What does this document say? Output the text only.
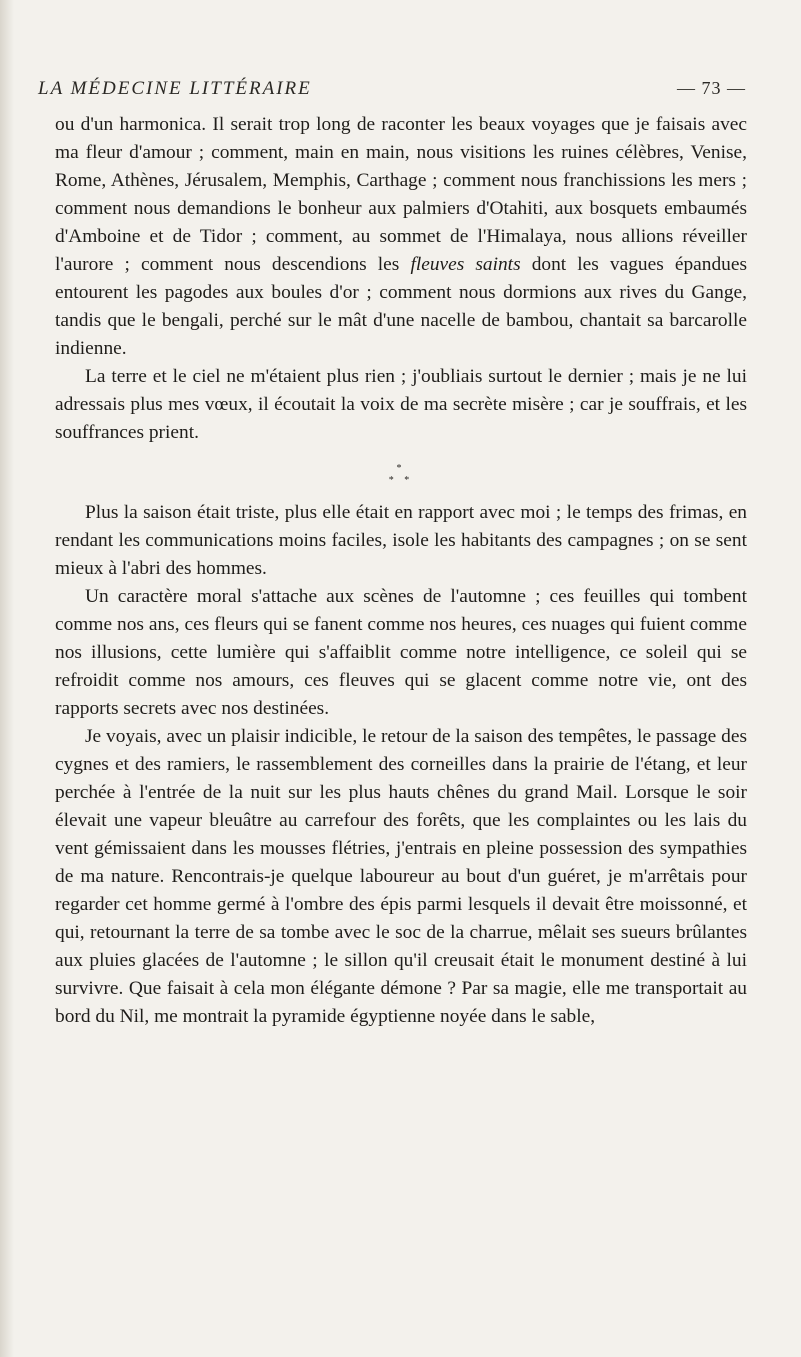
LA MÉDECINE LITTÉRAIRE	— 73 —

ou d'un harmonica. Il serait trop long de raconter les beaux voyages que je faisais avec ma fleur d'amour ; comment, main en main, nous visitions les ruines célèbres, Venise, Rome, Athènes, Jérusalem, Memphis, Carthage ; comment nous franchissions les mers ; comment nous demandions le bonheur aux palmiers d'Otahiti, aux bosquets embaumés d'Amboine et de Tidor ; comment, au sommet de l'Himalaya, nous allions réveiller l'aurore ; comment nous descendions les fleuves saints dont les vagues épandues entourent les pagodes aux boules d'or ; comment nous dormions aux rives du Gange, tandis que le bengali, perché sur le mât d'une nacelle de bambou, chantait sa barcarolle indienne.

La terre et le ciel ne m'étaient plus rien ; j'oubliais surtout le dernier ; mais je ne lui adressais plus mes vœux, il écoutait la voix de ma secrète misère ; car je souffrais, et les souffrances prient.

*
* *

Plus la saison était triste, plus elle était en rapport avec moi ; le temps des frimas, en rendant les communications moins faciles, isole les habitants des campagnes ; on se sent mieux à l'abri des hommes.

Un caractère moral s'attache aux scènes de l'automne ; ces feuilles qui tombent comme nos ans, ces fleurs qui se fanent comme nos heures, ces nuages qui fuient comme nos illusions, cette lumière qui s'affaiblit comme notre intelligence, ce soleil qui se refroidit comme nos amours, ces fleuves qui se glacent comme notre vie, ont des rapports secrets avec nos destinées.

Je voyais, avec un plaisir indicible, le retour de la saison des tempêtes, le passage des cygnes et des ramiers, le rassemblement des corneilles dans la prairie de l'étang, et leur perchée à l'entrée de la nuit sur les plus hauts chênes du grand Mail. Lorsque le soir élevait une vapeur bleuâtre au carrefour des forêts, que les complaintes ou les lais du vent gémissaient dans les mousses flétries, j'entrais en pleine possession des sympathies de ma nature. Rencontrais-je quelque laboureur au bout d'un guéret, je m'arrêtais pour regarder cet homme germé à l'ombre des épis parmi lesquels il devait être moissonné, et qui, retournant la terre de sa tombe avec le soc de la charrue, mêlait ses sueurs brûlantes aux pluies glacées de l'automne ; le sillon qu'il creusait était le monument destiné à lui survivre. Que faisait à cela mon élégante démone ? Par sa magie, elle me transportait au bord du Nil, me montrait la pyramide égyptienne noyée dans le sable,
